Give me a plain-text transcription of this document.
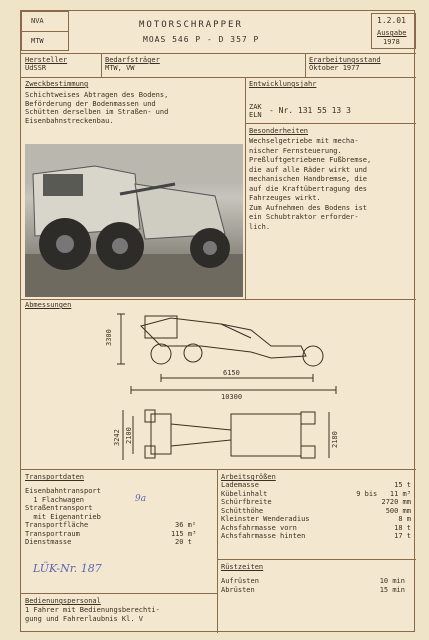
NVA
MTW
MOTORSCHRAPPER
MOAS 546 P - D 357 P
1.2.01
Ausgabe
1978
Hersteller
UdSSR
Bedarfsträger
MTW, VW
Erarbeitungsstand
Oktober 1977
Zweckbestimmung
Schichtweises Abtragen des Bodens,
Beförderung der Bodenmassen und
Schütten derselben im Straßen- und
Eisenbahnstreckenbau.
Entwicklungsjahr
ZAK
ELN - Nr. 131 55 13 3
Besonderheiten
Wechselgetriebe mit mecha-
nischer Fernsteuerung.
Preßluftgetriebene Fußbremse,
die auf alle Räder wirkt und
mechanischen Handbremse, die
auf die Kraftübertragung des
Fahrzeuges wirkt.
Zum Aufnehmen des Bodens ist
ein Schubtraktor erforder-
lich.
Abmessungen
3300
6150
10300
3242 2100	2180
Transportdaten
Eisenbahntransport
1 Flachwagen
Straßentransport
mit Eigenantrieb
Transportfläche
Transportraum
Dienstmasse
36 m²
115 m³
20 t
9a
LÜK-Nr. 187
Arbeitsgrößen
Lademasse
Kübelinhalt
Schürfbreite
Schütthöhe
Kleinster Wenderadius
Achsfahrmasse vorn
Achsfahrmasse hinten
15 t
9 bis   11 m³
2720 mm
500 mm
8 m
18 t
17 t
Rüstzeiten
Aufrüsten
Abrüsten
10 min
15 min
Bedienungspersonal
1 Fahrer mit Bedienungsberechti-
gung und Fahrerlaubnis Kl. V
